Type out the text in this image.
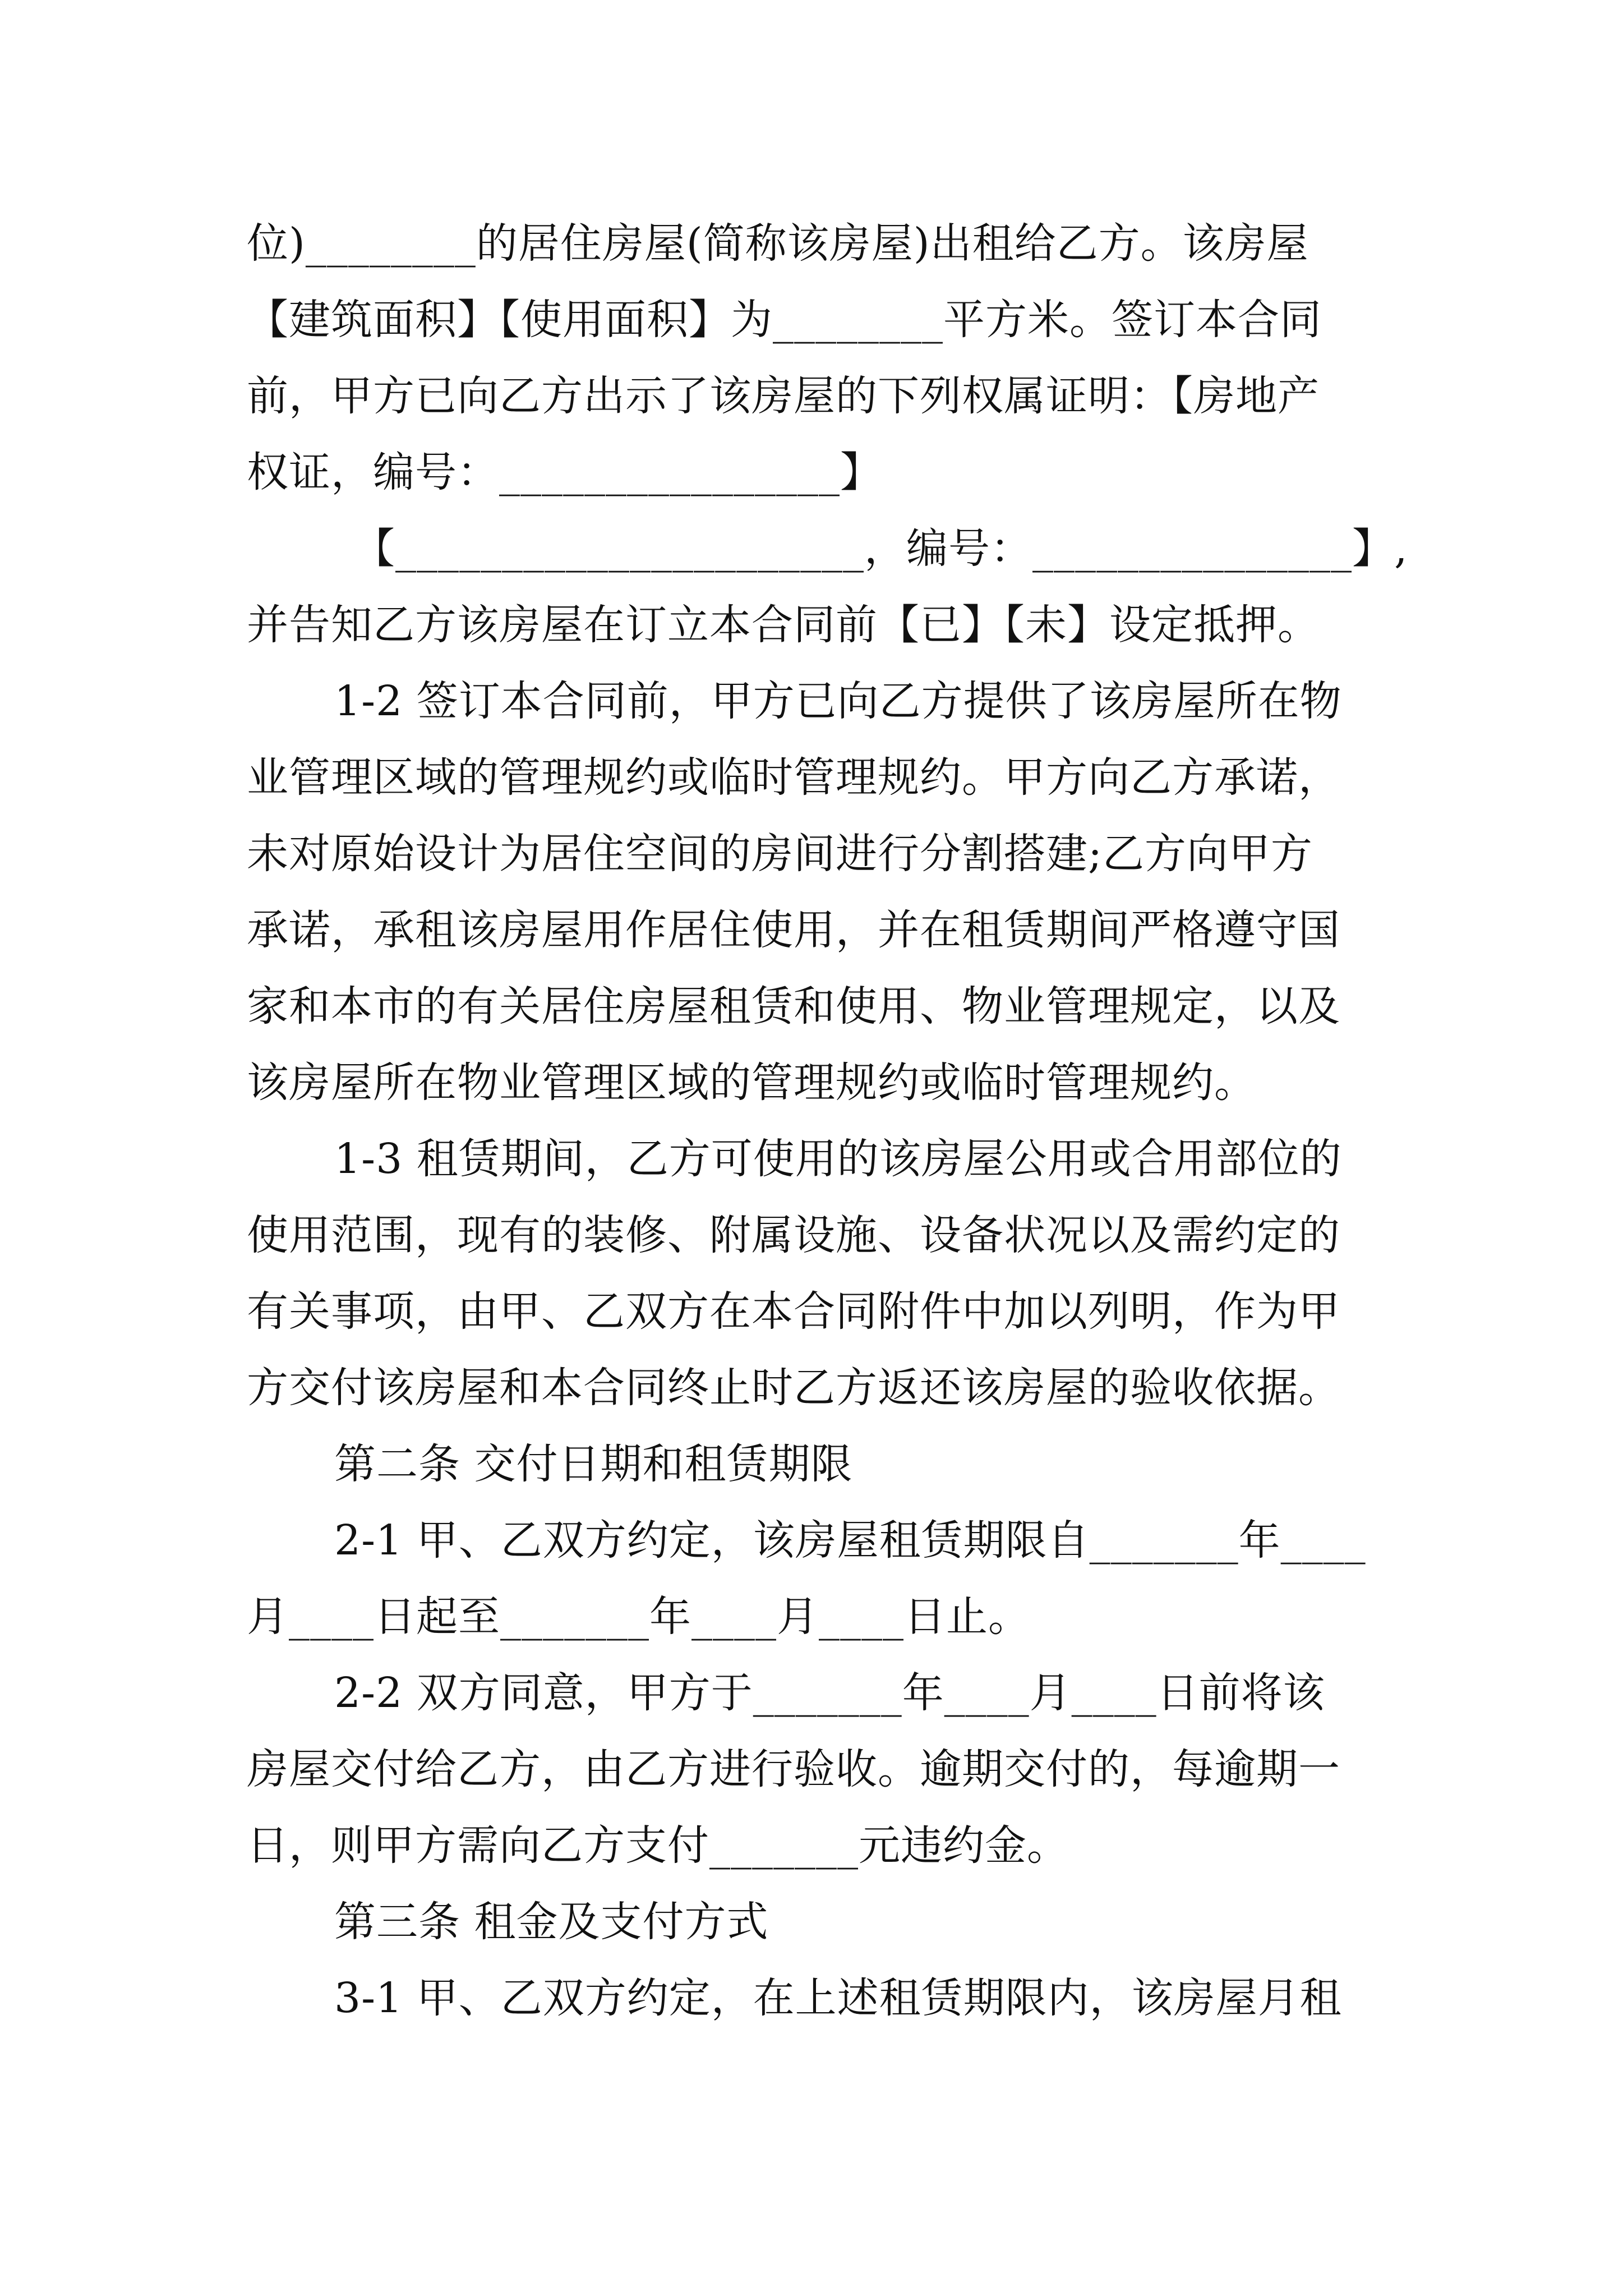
位)________的居住房屋(简称该房屋)出租给乙方。该房屋
【建筑面积】【使用面积】为________平方米。签订本合同
前，甲方已向乙方出示了该房屋的下列权属证明：【房地产
权证，编号：________________】
【______________________，编号：_______________】,
并告知乙方该房屋在订立本合同前【已】【未】设定抵押。
1-2 签订本合同前，甲方已向乙方提供了该房屋所在物
业管理区域的管理规约或临时管理规约。甲方向乙方承诺，
未对原始设计为居住空间的房间进行分割搭建;乙方向甲方
承诺，承租该房屋用作居住使用，并在租赁期间严格遵守国
家和本市的有关居住房屋租赁和使用、物业管理规定，以及
该房屋所在物业管理区域的管理规约或临时管理规约。
1-3 租赁期间，乙方可使用的该房屋公用或合用部位的
使用范围，现有的装修、附属设施、设备状况以及需约定的
有关事项，由甲、乙双方在本合同附件中加以列明，作为甲
方交付该房屋和本合同终止时乙方返还该房屋的验收依据。
第二条 交付日期和租赁期限
2-1 甲、乙双方约定，该房屋租赁期限自_______年____
月____日起至_______年____月____日止。
2-2 双方同意，甲方于_______年____月____日前将该
房屋交付给乙方，由乙方进行验收。逾期交付的，每逾期一
日，则甲方需向乙方支付_______元违约金。
第三条 租金及支付方式
3-1 甲、乙双方约定，在上述租赁期限内，该房屋月租
